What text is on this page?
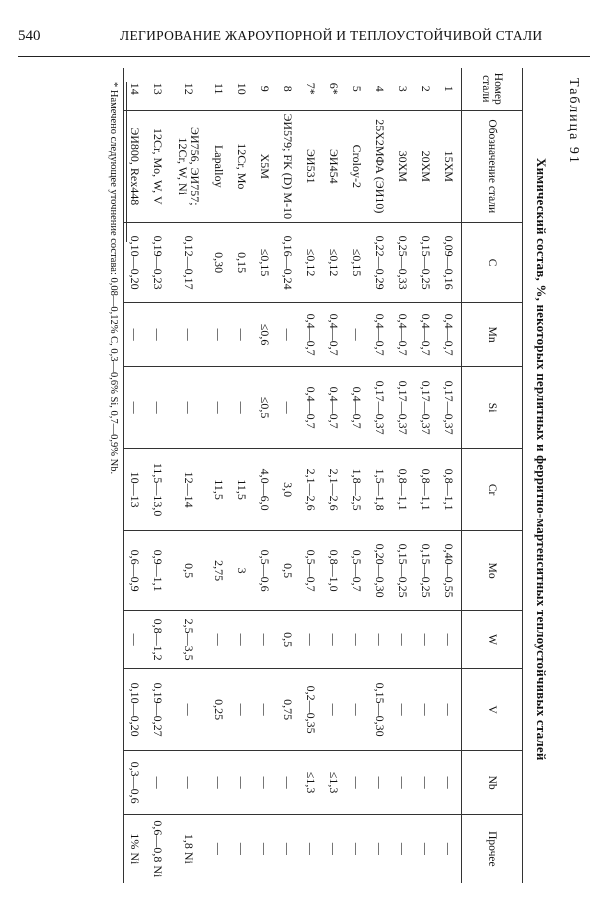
540	ЛЕГИРОВАНИЕ ЖАРОУПОРНОЙ И ТЕПЛОУСТОЙЧИВОЙ СТАЛИ
Таблица 91
Химический состав, %, некоторых перлитных и ферритно-мартенситных теплоустойчивых сталей
Номер стали	Обозначение стали	C	Mn	Si	Cr	Mo	W	V	Nb	Прочее
1	15ХМ	0,09—0,16	0,4—0,7	0,17—0,37	0,8—1,1	0,40—0,55	—	—	—	—
2	20ХМ	0,15—0,25	0,4—0,7	0,17—0,37	0,8—1,1	0,15—0,25	—	—	—	—
3	30ХМ	0,25—0,33	0,4—0,7	0,17—0,37	0,8—1,1	0,15—0,25	—	—	—	—
4	25Х2МФА (ЭИ10)	0,22—0,29	0,4—0,7	0,17—0,37	1,5—1,8	0,20—0,30	—	0,15—0,30	—	—
5	Croloy-2	≤0,15	—	0,4—0,7	1,8—2,5	0,5—0,7	—	—	—	—
6*	ЭИ454	≤0,12	0,4—0,7	0,4—0,7	2,1—2,6	0,8—1,0	—	—	≤1,3	—
7*	ЭИ531	≤0,12	0,4—0,7	0,4—0,7	2,1—2,6	0,5—0,7	—	0,2—0,35	≤1,3	—
8	ЭИ579; FK (D) M-10	0,16—0,24	—	—	3,0	0,5	0,5	0,75	—	—
9	Х5М	≤0,15	≤0,6	≤0,5	4,0—6,0	0,5—0,6	—	—	—	—
10	12Cr, Mo	0,15	—	—	11,5	3	—	—	—	—
11	Lapalloy	0,30	—	—	11,5	2,75	—	0,25	—	—
12	ЭИ756, ЭИ757; 12Cr, W, Ni	0,12—0,17	—	—	12—14	0,5	2,5—3,5	—	—	1,8 Ni
13	12Cr, Mo, W, V	0,19—0,23	—	—	11,5—13,0	0,9—1,1	0,8—1,2	0,19—0,27	—	0,6—0,8 Ni
14	ЭИ800, Rex448	0,10—0,20	—	—	10—13	0,6—0,9	—	0,10—0,20	0,3—0,6	1% Ni
* Намечено следующее уточнение состава: 0,08—0,12% C, 0,3—0,6% Si, 0,7—0,9% Nb.
